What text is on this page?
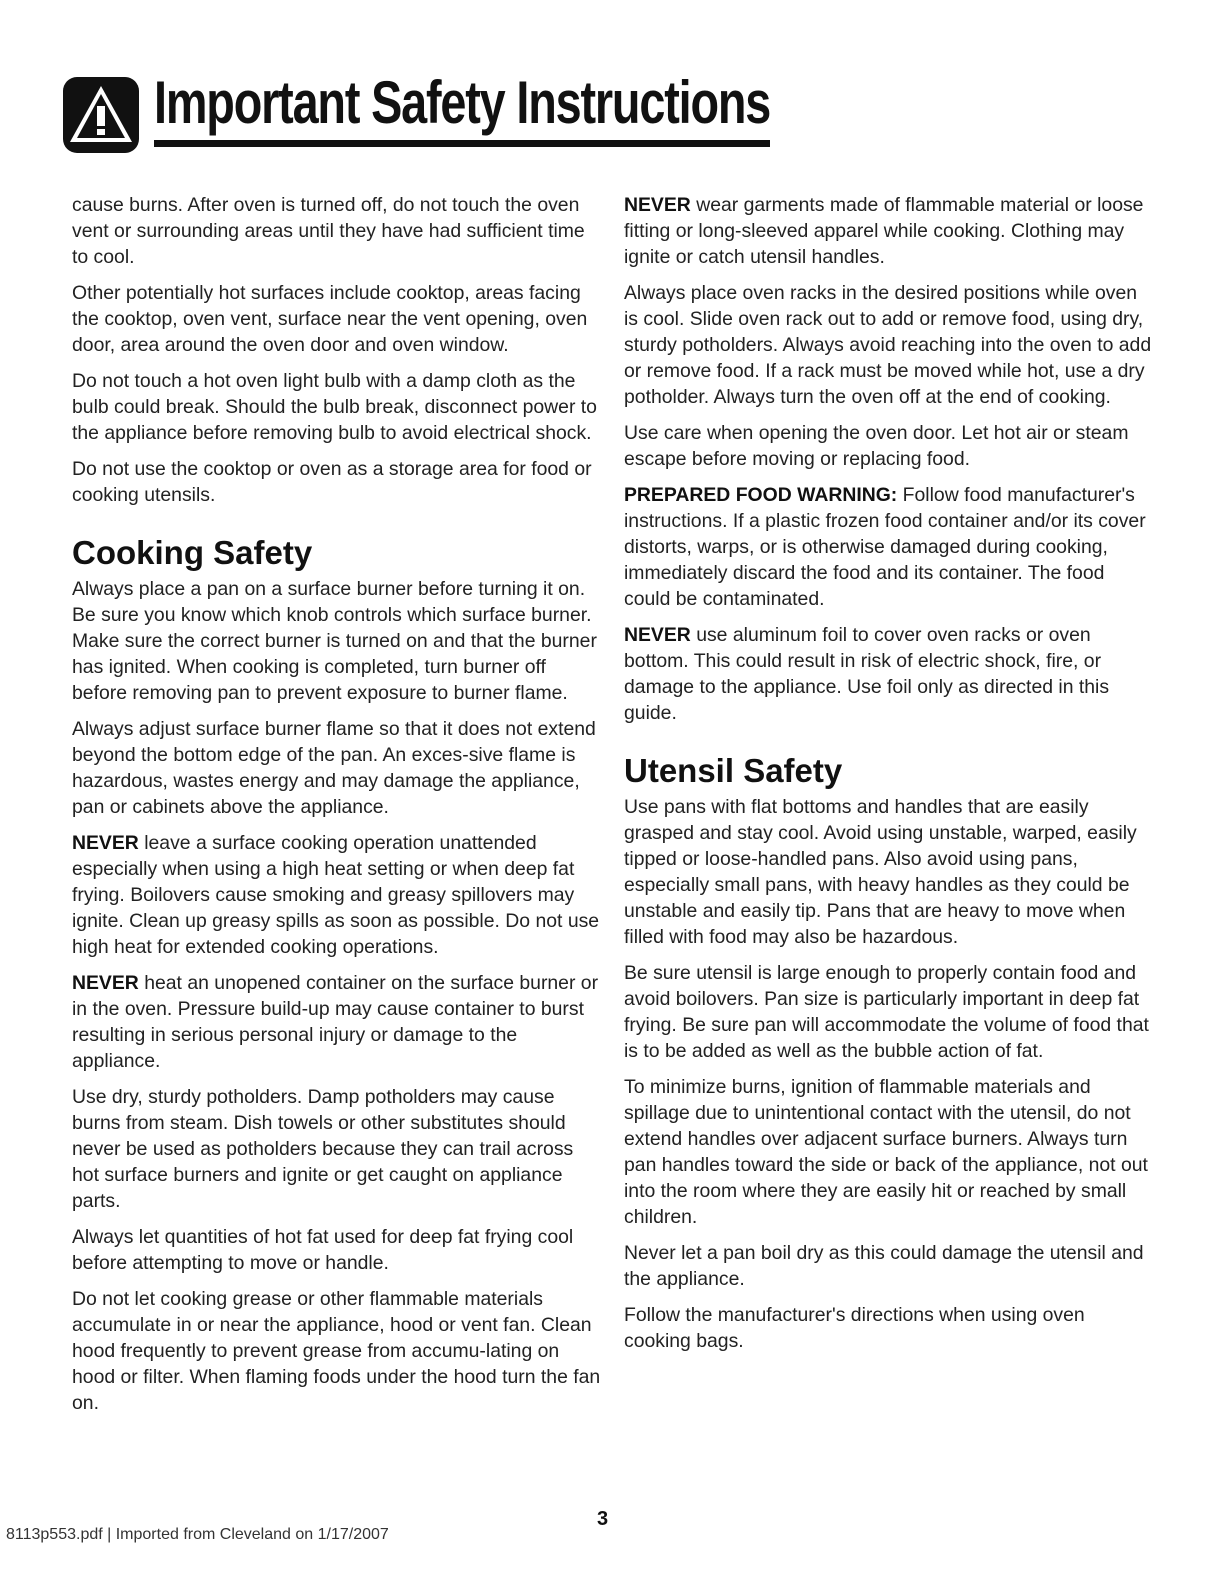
Important Safety Instructions

cause burns. After oven is turned off, do not touch the oven vent or surrounding areas until they have had sufficient time to cool.

Other potentially hot surfaces include cooktop, areas facing the cooktop, oven vent, surface near the vent opening, oven door, area around the oven door and oven window.

Do not touch a hot oven light bulb with a damp cloth as the bulb could break. Should the bulb break, disconnect power to the appliance before removing bulb to avoid electrical shock.

Do not use the cooktop or oven as a storage area for food or cooking utensils.

Cooking Safety

Always place a pan on a surface burner before turning it on. Be sure you know which knob controls which surface burner. Make sure the correct burner is turned on and that the burner has ignited. When cooking is completed, turn burner off before removing pan to prevent exposure to burner flame.

Always adjust surface burner flame so that it does not extend beyond the bottom edge of the pan. An exces-sive flame is hazardous, wastes energy and may damage the appliance, pan or cabinets above the appliance.

NEVER leave a surface cooking operation unattended especially when using a high heat setting or when deep fat frying. Boilovers cause smoking and greasy spillovers may ignite. Clean up greasy spills as soon as possible. Do not use high heat for extended cooking operations.

NEVER heat an unopened container on the surface burner or in the oven. Pressure build-up may cause container to burst resulting in serious personal injury or damage to the appliance.

Use dry, sturdy potholders. Damp potholders may cause burns from steam. Dish towels or other substitutes should never be used as potholders because they can trail across hot surface burners and ignite or get caught on appliance parts.

Always let quantities of hot fat used for deep fat frying cool before attempting to move or handle.

Do not let cooking grease or other flammable materials accumulate in or near the appliance, hood or vent fan. Clean hood frequently to prevent grease from accumu-lating on hood or filter. When flaming foods under the hood turn the fan on.

NEVER wear garments made of flammable material or loose fitting or long-sleeved apparel while cooking. Clothing may ignite or catch utensil handles.

Always place oven racks in the desired positions while oven is cool. Slide oven rack out to add or remove food, using dry, sturdy potholders. Always avoid reaching into the oven to add or remove food. If a rack must be moved while hot, use a dry potholder. Always turn the oven off at the end of cooking.

Use care when opening the oven door. Let hot air or steam escape before moving or replacing food.

PREPARED FOOD WARNING: Follow food manufacturer's instructions. If a plastic frozen food container and/or its cover distorts, warps, or is otherwise damaged during cooking, immediately discard the food and its container. The food could be contaminated.

NEVER use aluminum foil to cover oven racks or oven bottom. This could result in risk of electric shock, fire, or damage to the appliance. Use foil only as directed in this guide.

Utensil Safety

Use pans with flat bottoms and handles that are easily grasped and stay cool. Avoid using unstable, warped, easily tipped or loose-handled pans. Also avoid using pans, especially small pans, with heavy handles as they could be unstable and easily tip. Pans that are heavy to move when filled with food may also be hazardous.

Be sure utensil is large enough to properly contain food and avoid boilovers. Pan size is particularly important in deep fat frying. Be sure pan will accommodate the volume of food that is to be added as well as the bubble action of fat.

To minimize burns, ignition of flammable materials and spillage due to unintentional contact with the utensil, do not extend handles over adjacent surface burners. Always turn pan handles toward the side or back of the appliance, not out into the room where they are easily hit or reached by small children.

Never let a pan boil dry as this could damage the utensil and the appliance.

Follow the manufacturer's directions when using oven cooking bags.

3
8113p553.pdf | Imported from Cleveland on 1/17/2007
